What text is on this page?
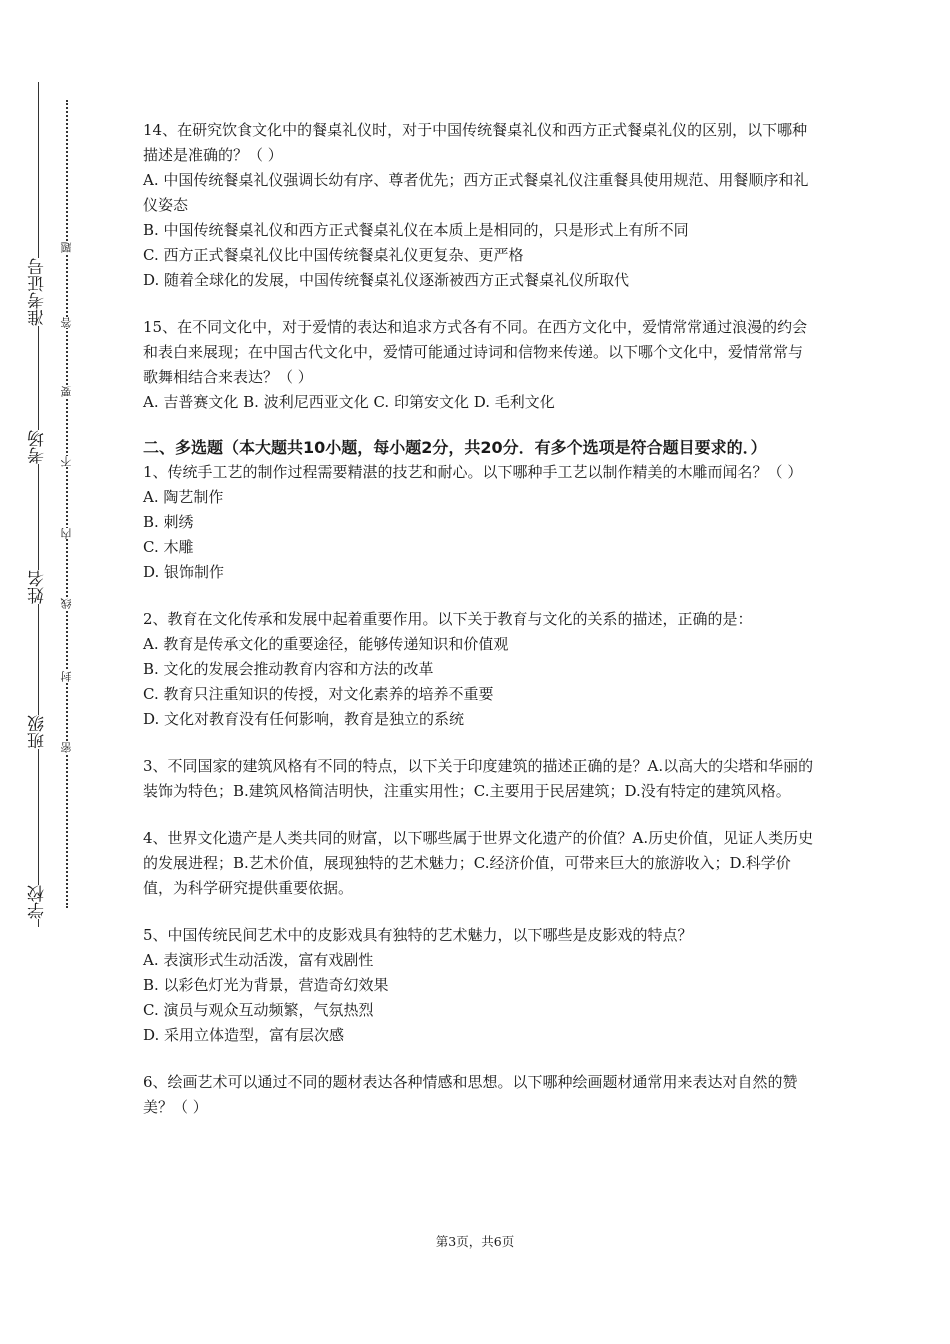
准考证号
考场
姓名
班级
学校
题
答
要
不
内
线
封
密

14、在研究饮食文化中的餐桌礼仪时，对于中国传统餐桌礼仪和西方正式餐桌礼仪的区别，以下哪种描述是准确的？（ ）

A. 中国传统餐桌礼仪强调长幼有序、尊者优先；西方正式餐桌礼仪注重餐具使用规范、用餐顺序和礼仪姿态

B. 中国传统餐桌礼仪和西方正式餐桌礼仪在本质上是相同的，只是形式上有所不同

C. 西方正式餐桌礼仪比中国传统餐桌礼仪更复杂、更严格

D. 随着全球化的发展，中国传统餐桌礼仪逐渐被西方正式餐桌礼仪所取代

15、在不同文化中，对于爱情的表达和追求方式各有不同。在西方文化中，爱情常常通过浪漫的约会和表白来展现；在中国古代文化中，爱情可能通过诗词和信物来传递。以下哪个文化中，爱情常常与歌舞相结合来表达？（ ）

A. 吉普赛文化 B. 波利尼西亚文化 C. 印第安文化 D. 毛利文化

二、多选题（本大题共10小题，每小题2分，共20分．有多个选项是符合题目要求的．）

1、传统手工艺的制作过程需要精湛的技艺和耐心。以下哪种手工艺以制作精美的木雕而闻名？（ ）

A. 陶艺制作

B. 刺绣

C. 木雕

D. 银饰制作

2、教育在文化传承和发展中起着重要作用。以下关于教育与文化的关系的描述，正确的是：

A. 教育是传承文化的重要途径，能够传递知识和价值观

B. 文化的发展会推动教育内容和方法的改革

C. 教育只注重知识的传授，对文化素养的培养不重要

D. 文化对教育没有任何影响，教育是独立的系统

3、不同国家的建筑风格有不同的特点，以下关于印度建筑的描述正确的是？A.以高大的尖塔和华丽的装饰为特色；B.建筑风格简洁明快，注重实用性；C.主要用于民居建筑；D.没有特定的建筑风格。

4、世界文化遗产是人类共同的财富，以下哪些属于世界文化遗产的价值？A.历史价值，见证人类历史的发展进程；B.艺术价值，展现独特的艺术魅力；C.经济价值，可带来巨大的旅游收入；D.科学价值，为科学研究提供重要依据。

5、中国传统民间艺术中的皮影戏具有独特的艺术魅力，以下哪些是皮影戏的特点？

A. 表演形式生动活泼，富有戏剧性

B. 以彩色灯光为背景，营造奇幻效果

C. 演员与观众互动频繁，气氛热烈

D. 采用立体造型，富有层次感

6、绘画艺术可以通过不同的题材表达各种情感和思想。以下哪种绘画题材通常用来表达对自然的赞美？（ ）

第3页，共6页
